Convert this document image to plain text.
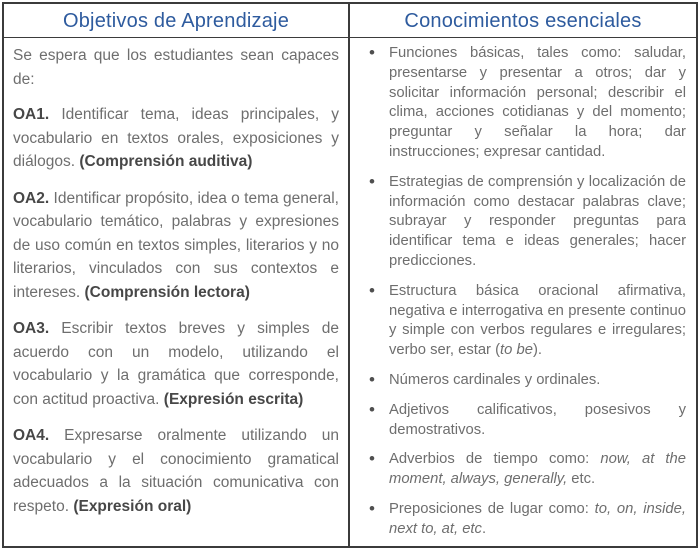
Objetivos de Aprendizaje	Conocimientos esenciales

Se espera que los estudiantes sean capaces de:

OA1. Identificar tema, ideas principales, y vocabulario en textos orales, exposiciones y diálogos. (Comprensión auditiva)

OA2. Identificar propósito, idea o tema general, vocabulario temático, palabras y expresiones de uso común en textos simples, literarios y no literarios, vinculados con sus contextos e intereses. (Comprensión lectora)

OA3. Escribir textos breves y simples de acuerdo con un modelo, utilizando el vocabulario y la gramática que corresponde, con actitud proactiva. (Expresión escrita)

OA4. Expresarse oralmente utilizando un vocabulario y el conocimiento gramatical adecuados a la situación comunicativa con respeto. (Expresión oral)

• Funciones básicas, tales como: saludar, presentarse y presentar a otros; dar y solicitar información personal; describir el clima, acciones cotidianas y del momento; preguntar y señalar la hora; dar instrucciones; expresar cantidad.
• Estrategias de comprensión y localización de información como destacar palabras clave; subrayar y responder preguntas para identificar tema e ideas generales; hacer predicciones.
• Estructura básica oracional afirmativa, negativa e interrogativa en presente continuo y simple con verbos regulares e irregulares; verbo ser, estar (to be).
• Números cardinales y ordinales.
• Adjetivos calificativos, posesivos y demostrativos.
• Adverbios de tiempo como: now, at the moment, always, generally, etc.
• Preposiciones de lugar como: to, on, inside, next to, at, etc.
